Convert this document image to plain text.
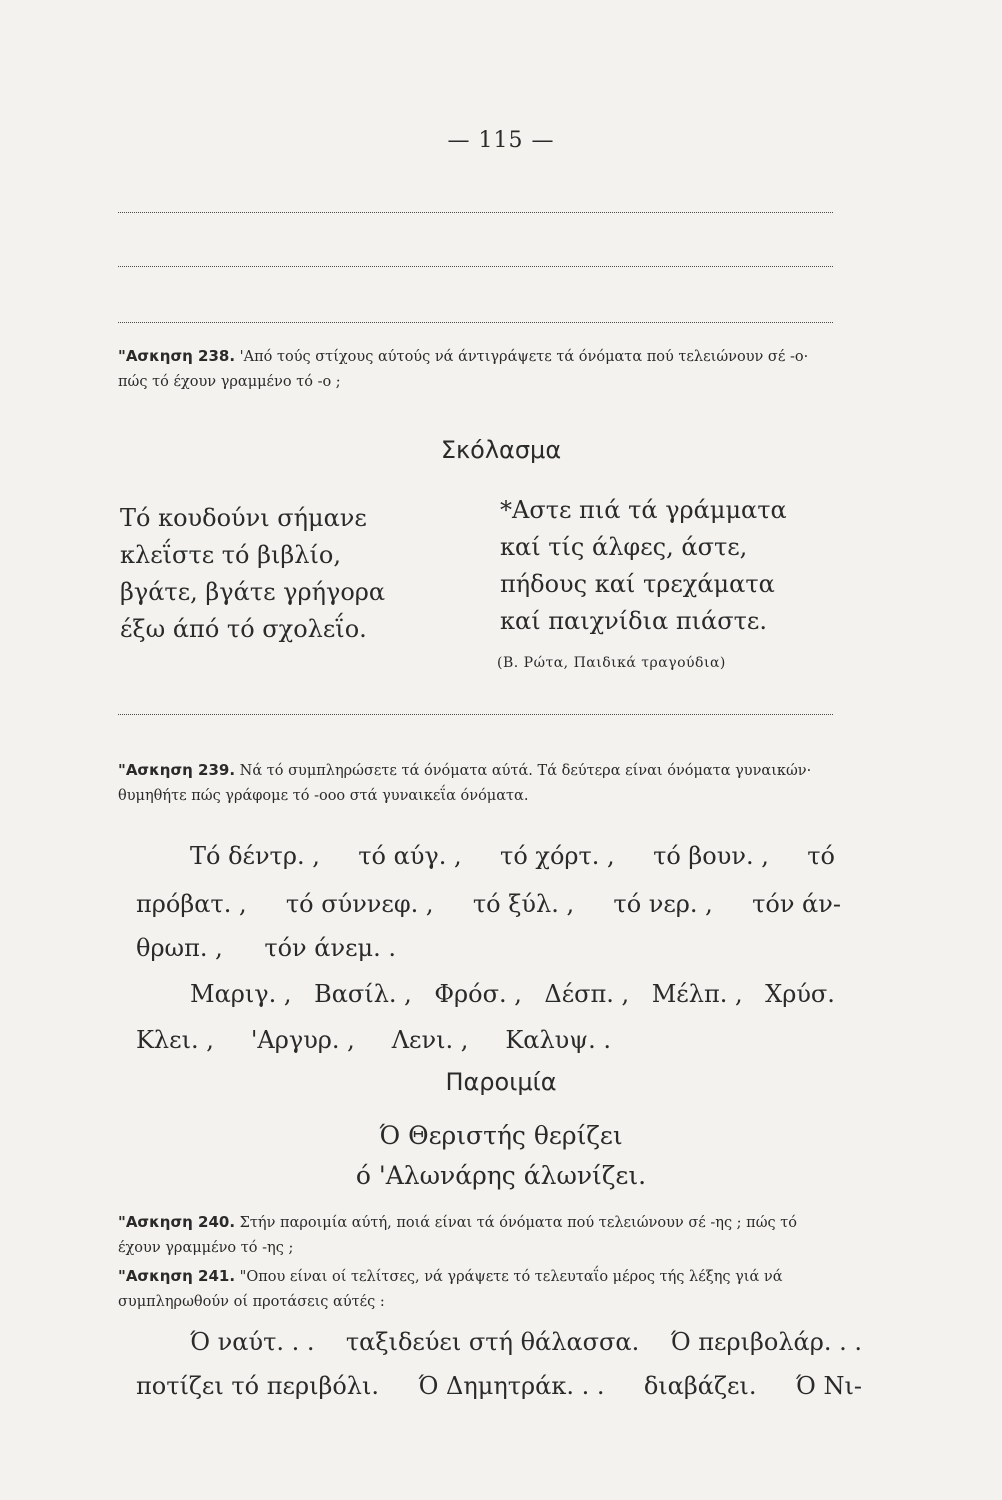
— 115 —
"Ασκηση 238. 'Από τούς στίχους αύτούς νά άντιγράψετε τά όνόματα πού τελειώνουν σέ -ο· πώς τό έχουν γραμμένο τό -ο ;
Σκόλασμα
Τό κουδούνι σήμανε
κλεΐστε τό βιβλίο,
βγάτε, βγάτε γρήγορα
έξω άπό τό σχολεΐο.
*Αστε πιά τά γράμματα
καί τίς άλφες, άστε,
πήδους καί τρεχάματα
καί παιχνίδια πιάστε.
(Β. Ρώτα, Παιδικά τραγούδια)
"Ασκηση 239. Νά τό συμπληρώσετε τά όνόματα αύτά. Τά δεύτερα είναι όνόματα γυναικών· θυμηθήτε πώς γράφομε τό -οοο στά γυναικεΐα όνόματα.
Τό δέντρ. , τό αύγ. , τό χόρτ. , τό βουν. , τό
πρόβατ. , τό σύννεφ. , τό ξύλ. , τό νερ. , τόν άν-
θρωπ. , τόν άνεμ. .
Μαριγ. , Βασίλ. , Φρόσ. , Δέσπ. , Μέλπ. , Χρύσ.
Κλει. , 'Αργυρ. , Λενι. , Καλυψ. .
Παροιμία
Ό Θεριστής θερίζει
ό 'Αλωνάρης άλωνίζει.
"Ασκηση 240. Στήν παροιμία αύτή, ποιά είναι τά όνόματα πού τελειώνουν σέ -ης ; πώς τό έχουν γραμμένο τό -ης ;
"Ασκηση 241. "Οπου είναι οί τελίτσες, νά γράψετε τό τελευταΐο μέρος τής λέξης γιά νά συμπληρωθούν οί προτάσεις αύτές :
Ό ναύτ. . . ταξιδεύει στή θάλασσα. Ό περιβολάρ. . .
ποτίζει τό περιβόλι. Ό Δημητράκ. . . διαβάζει. Ό Νι-
